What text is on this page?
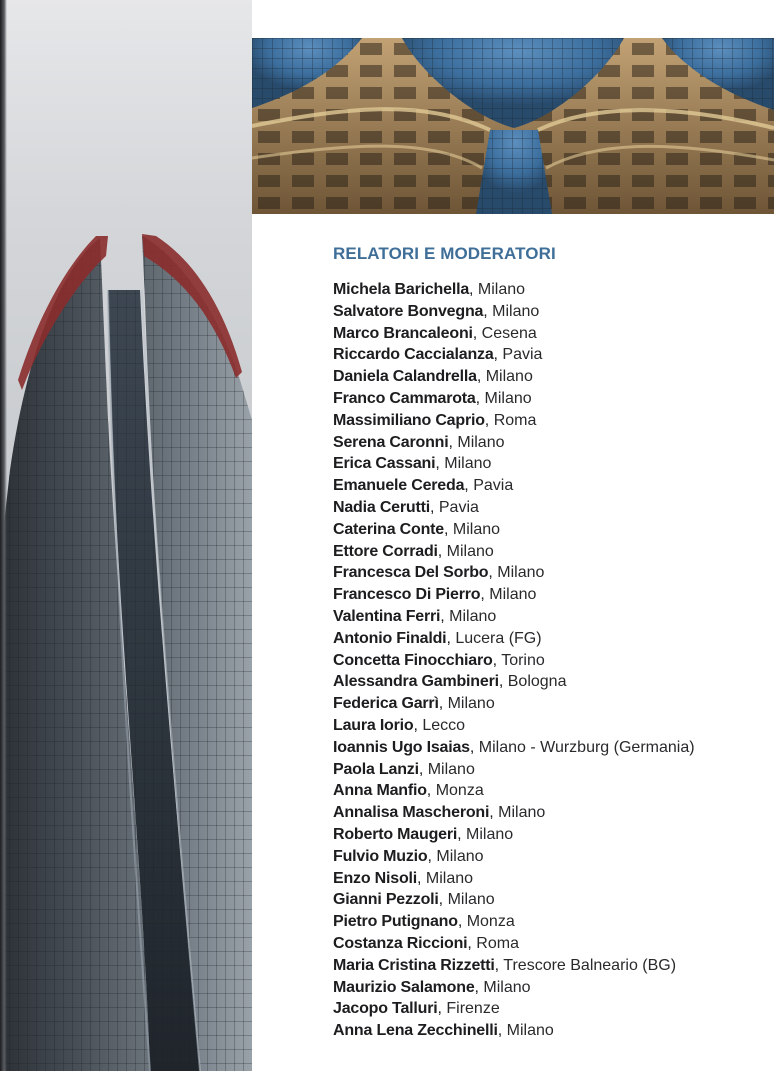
RELATORI E MODERATORI
Michela Barichella, Milano
Salvatore Bonvegna, Milano
Marco Brancaleoni, Cesena
Riccardo Caccialanza, Pavia
Daniela Calandrella, Milano
Franco Cammarota, Milano
Massimiliano Caprio, Roma
Serena Caronni, Milano
Erica Cassani, Milano
Emanuele Cereda, Pavia
Nadia Cerutti, Pavia
Caterina Conte, Milano
Ettore Corradi, Milano
Francesca Del Sorbo, Milano
Francesco Di Pierro, Milano
Valentina Ferri, Milano
Antonio Finaldi, Lucera (FG)
Concetta Finocchiaro, Torino
Alessandra Gambineri, Bologna
Federica Garrì, Milano
Laura Iorio, Lecco
Ioannis Ugo Isaias, Milano - Wurzburg (Germania)
Paola Lanzi, Milano
Anna Manfio, Monza
Annalisa Mascheroni, Milano
Roberto Maugeri, Milano
Fulvio Muzio, Milano
Enzo Nisoli, Milano
Gianni Pezzoli, Milano
Pietro Putignano, Monza
Costanza Riccioni, Roma
Maria Cristina Rizzetti, Trescore Balneario (BG)
Maurizio Salamone, Milano
Jacopo Talluri, Firenze
Anna Lena Zecchinelli, Milano
